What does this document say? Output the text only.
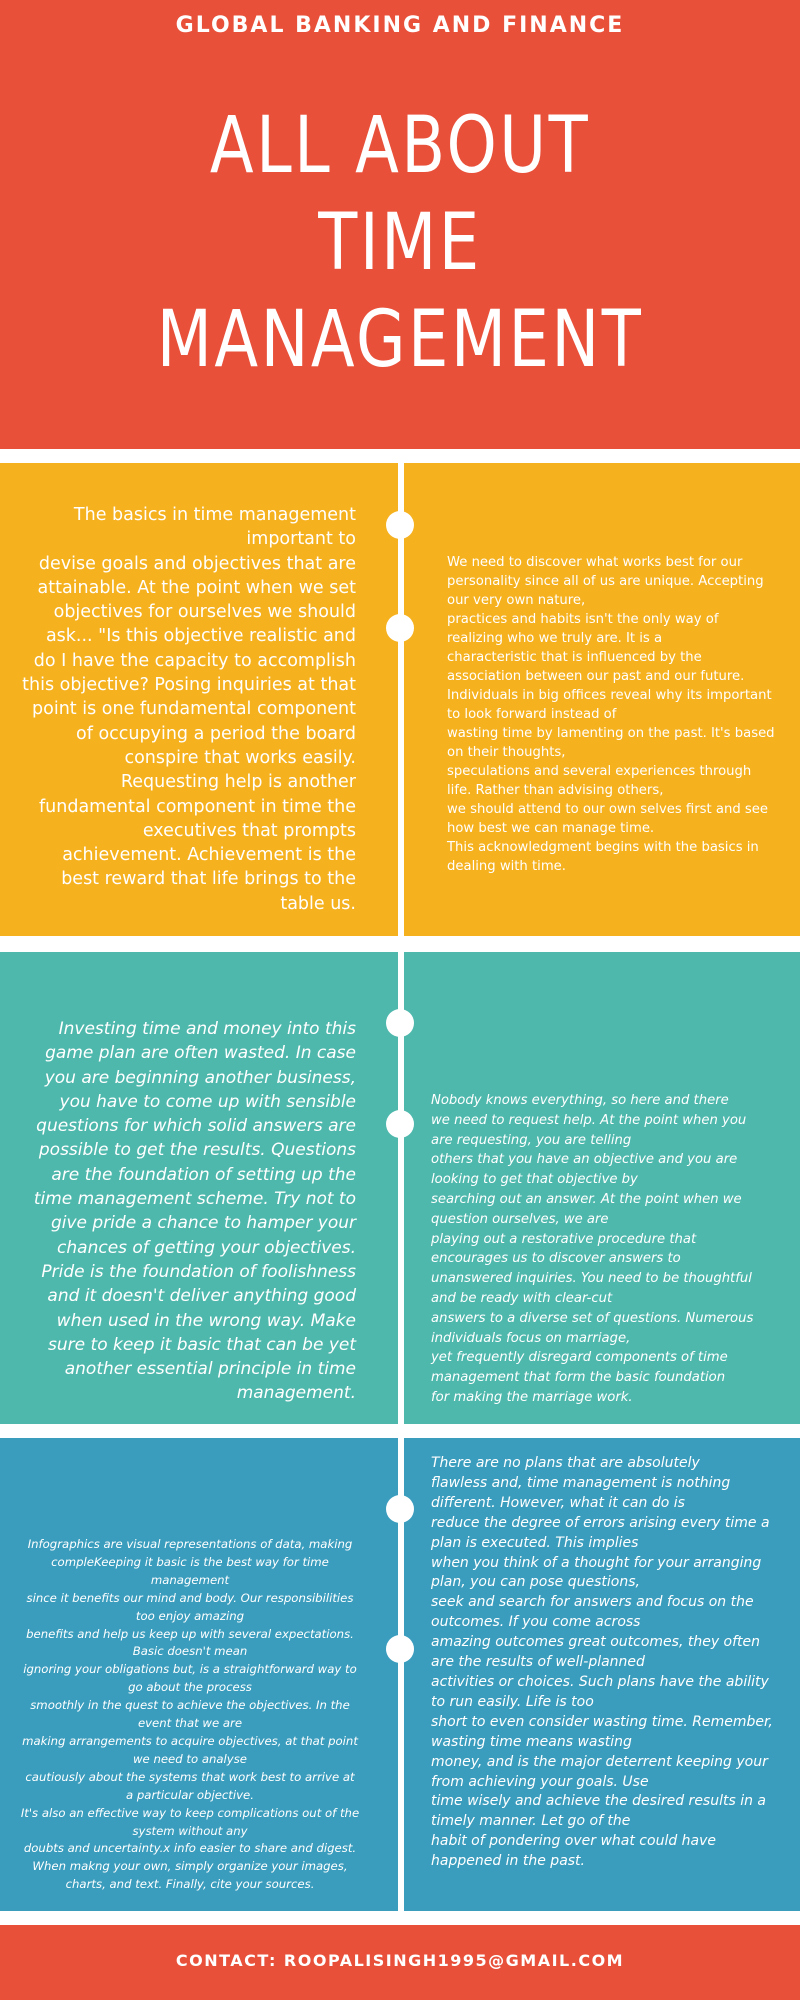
GLOBAL BANKING AND FINANCE
ALL ABOUT
TIME
MANAGEMENT
The basics in time management important to
devise goals and objectives that are attainable. At the point when we set objectives for ourselves we should ask... "Is this objective realistic and do I have the capacity to accomplish this objective? Posing inquiries at that point is one fundamental component of occupying a period the board conspire that works easily. Requesting help is another fundamental component in time the
executives that prompts achievement. Achievement is the best reward that life brings to the table us.
We need to discover what works best for our personality since all of us are unique. Accepting our very own nature,
practices and habits isn't the only way of realizing who we truly are. It is a
characteristic that is influenced by the association between our past and our future.
Individuals in big offices reveal why its important to look forward instead of
wasting time by lamenting on the past. It's based on their thoughts,
speculations and several experiences through life. Rather than advising others,
we should attend to our own selves first and see how best we can manage time.
This acknowledgment begins with the basics in dealing with time.
Investing time and money into this game plan are often wasted. In case you are beginning another business, you have to come up with sensible questions for which solid answers are possible to get the results. Questions are the foundation of setting up the time management scheme. Try not to give pride a chance to hamper your chances of getting your objectives. Pride is the foundation of foolishness and it doesn't deliver anything good when used in the wrong way. Make sure to keep it basic that can be yet another essential principle in time management.
Nobody knows everything, so here and there
we need to request help. At the point when you are requesting, you are telling
others that you have an objective and you are looking to get that objective by
searching out an answer. At the point when we question ourselves, we are
playing out a restorative procedure that encourages us to discover answers to
unanswered inquiries. You need to be thoughtful and be ready with clear-cut
answers to a diverse set of questions. Numerous individuals focus on marriage,
yet frequently disregard components of time management that form the basic foundation
for making the marriage work.
Infographics are visual representations of data, making compleKeeping it basic is the best way for time management
since it benefits our mind and body. Our responsibilities too enjoy amazing
benefits and help us keep up with several expectations. Basic doesn't mean
ignoring your obligations but, is a straightforward way to go about the process
smoothly in the quest to achieve the objectives. In the event that we are
making arrangements to acquire objectives, at that point we need to analyse
cautiously about the systems that work best to arrive at a particular objective.
It's also an effective way to keep complications out of the system without any
doubts and uncertainty.x info easier to share and digest. When makng your own, simply organize your images, charts, and text. Finally, cite your sources.
There are no plans that are absolutely
flawless and, time management is nothing different. However, what it can do is
reduce the degree of errors arising every time a plan is executed. This implies
when you think of a thought for your arranging plan, you can pose questions,
seek and search for answers and focus on the outcomes. If you come across
amazing outcomes great outcomes, they often are the results of well-planned
activities or choices. Such plans have the ability to run easily. Life is too
short to even consider wasting time. Remember, wasting time means wasting
money, and is the major deterrent keeping your from achieving your goals. Use
time wisely and achieve the desired results in a timely manner. Let go of the
habit of pondering over what could have happened in the past.
CONTACT: ROOPALISINGH1995@GMAIL.COM
